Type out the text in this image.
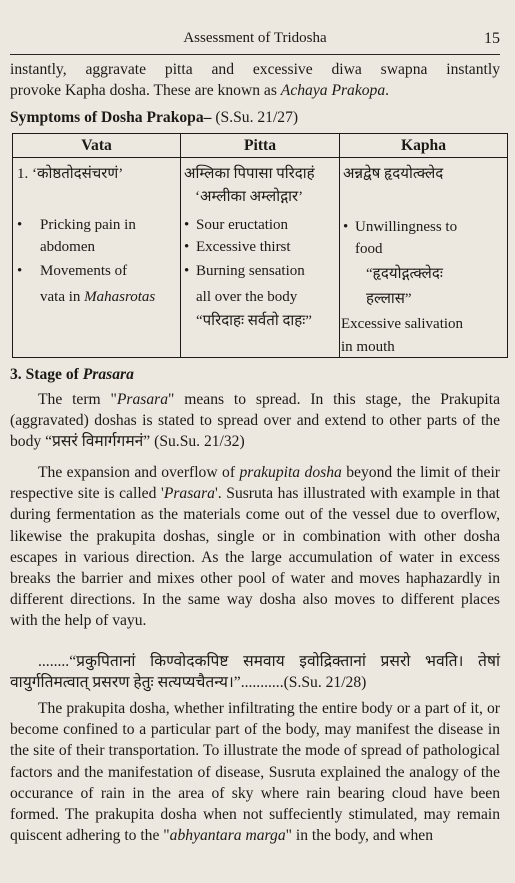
Assessment of Tridosha	15

instantly, aggravate pitta and excessive diwa swapna instantly

provoke Kapha dosha. These are known as Achaya Prakopa.

Symptoms of Dosha Prakopa– (S.Su. 21/27)
Vata
1. ‘कोष्ठतोदसंचरणं’
• Pricking pain in
abdomen
• Movements of
vata in Mahasrotas
Pitta
अम्लिका पिपासा परिदाहं
‘अम्लीका अम्लोद्गार’
• Sour eructation
• Excessive thirst
• Burning sensation
all over the body
“परिदाहः सर्वतो दाहः”
Kapha
अन्नद्वेष हृदयोत्क्लेद
• Unwillingness to
food
“हृदयोद्गत्क्लेदः
हल्लास”
Excessive salivation
in mouth
3. Stage of Prasara

The term "Prasara" means to spread. In this stage, the Prakupita (aggravated) doshas is stated to spread over and extend to other parts of the body “प्रसरं विमार्गगमनं” (Su.Su. 21/32)

The expansion and overflow of prakupita dosha beyond the limit of their respective site is called 'Prasara'. Susruta has illustrated with example in that during fermentation as the materials come out of the vessel due to overflow, likewise the prakupita doshas, single or in combination with other dosha escapes in various direction. As the large accumulation of water in excess breaks the barrier and mixes other pool of water and moves haphazardly in different directions. In the same way dosha also moves to different places with the help of vayu.

........“प्रकुपितानां किण्वोदकपिष्ट समवाय इवोद्रिक्तानां प्रसरो भवति। तेषां वायुर्गतिमत्वात् प्रसरण हेतुः सत्यप्यचैतन्य।”...........(S.Su. 21/28)

The prakupita dosha, whether infiltrating the entire body or a part of it, or become confined to a particular part of the body, may manifest the disease in the site of their transportation. To illustrate the mode of spread of pathological factors and the manifestation of disease, Susruta explained the analogy of the occurance of rain in the area of sky where rain bearing cloud have been formed. The prakupita dosha when not suffeciently stimulated, may remain quiscent adhering to the "abhyantara marga" in the body, and when
